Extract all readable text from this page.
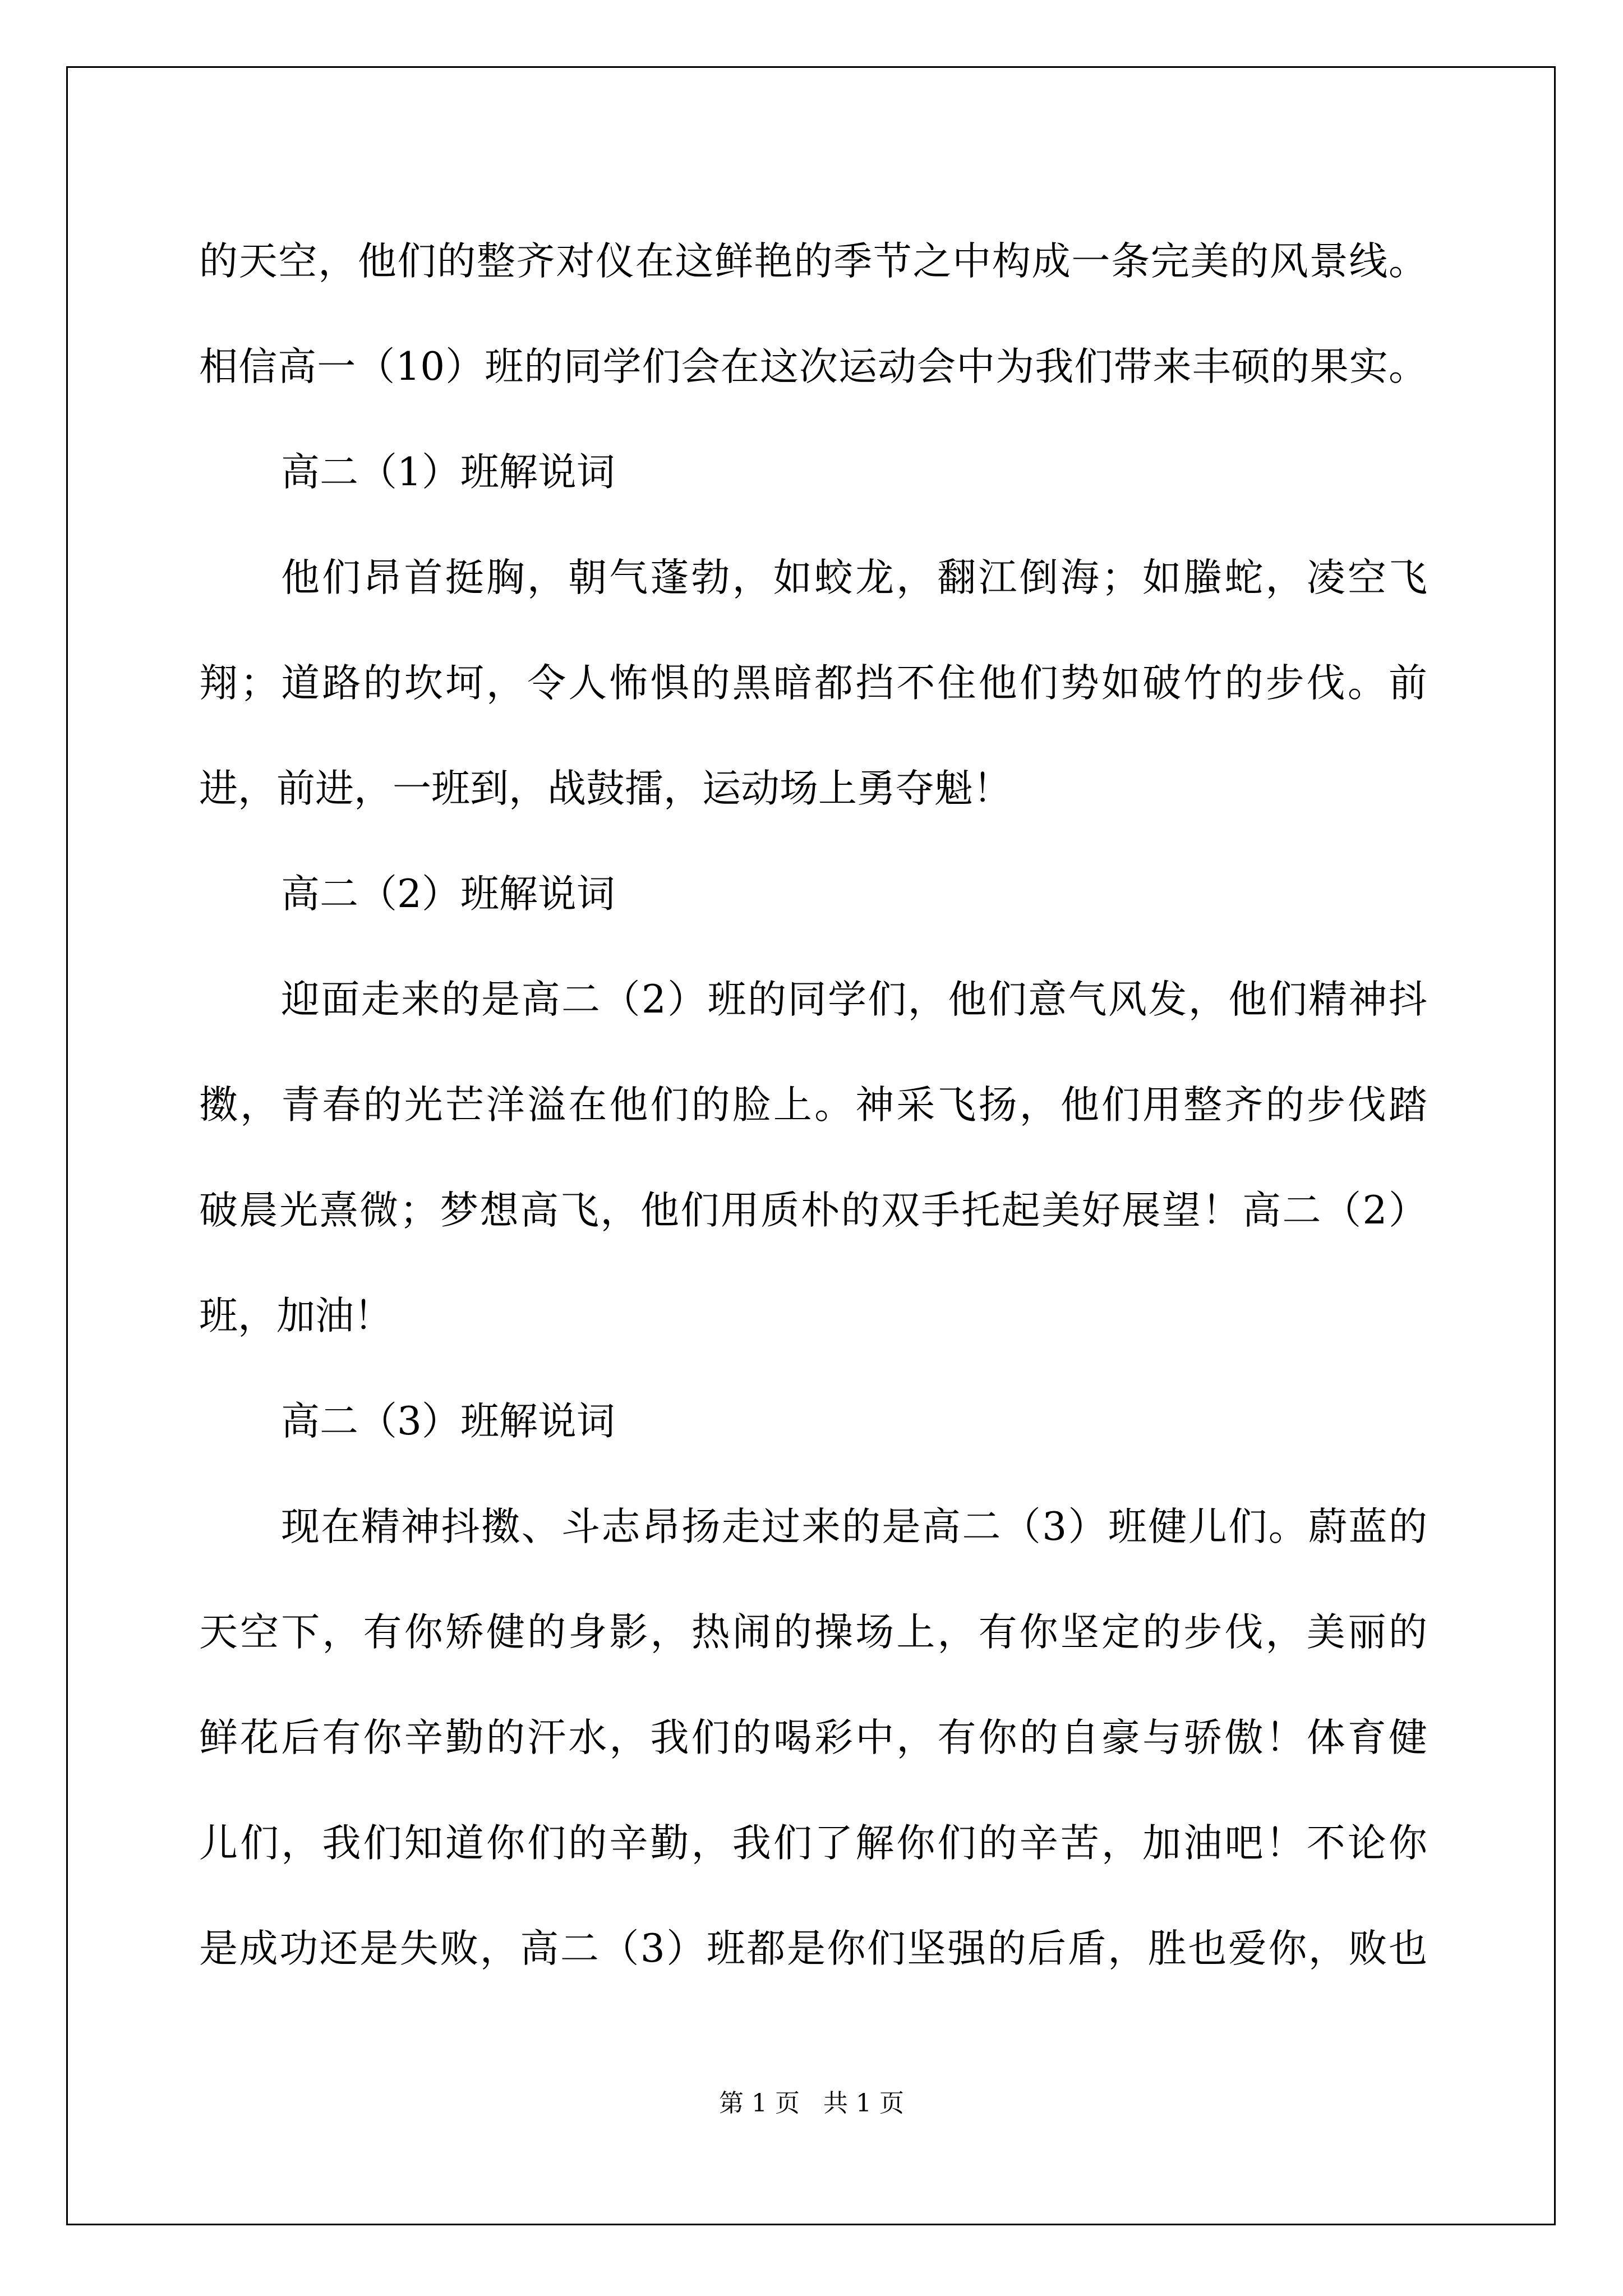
的天空，他们的整齐对仪在这鲜艳的季节之中构成一条完美的风景线。
相信高一（10）班的同学们会在这次运动会中为我们带来丰硕的果实。
高二（1）班解说词
他们昂首挺胸，朝气蓬勃，如蛟龙，翻江倒海；如螣蛇，凌空飞
翔；道路的坎坷，令人怖惧的黑暗都挡不住他们势如破竹的步伐。前
进，前进，一班到，战鼓擂，运动场上勇夺魁！
高二（2）班解说词
迎面走来的是高二（2）班的同学们，他们意气风发，他们精神抖
擞，青春的光芒洋溢在他们的脸上。神采飞扬，他们用整齐的步伐踏
破晨光熹微；梦想高飞，他们用质朴的双手托起美好展望！高二（2）
班，加油！
高二（3）班解说词
现在精神抖擞、斗志昂扬走过来的是高二（3）班健儿们。蔚蓝的
天空下，有你矫健的身影，热闹的操场上，有你坚定的步伐，美丽的
鲜花后有你辛勤的汗水，我们的喝彩中，有你的自豪与骄傲！体育健
儿们，我们知道你们的辛勤，我们了解你们的辛苦，加油吧！不论你
是成功还是失败，高二（3）班都是你们坚强的后盾，胜也爱你，败也
第 1 页   共 1 页
